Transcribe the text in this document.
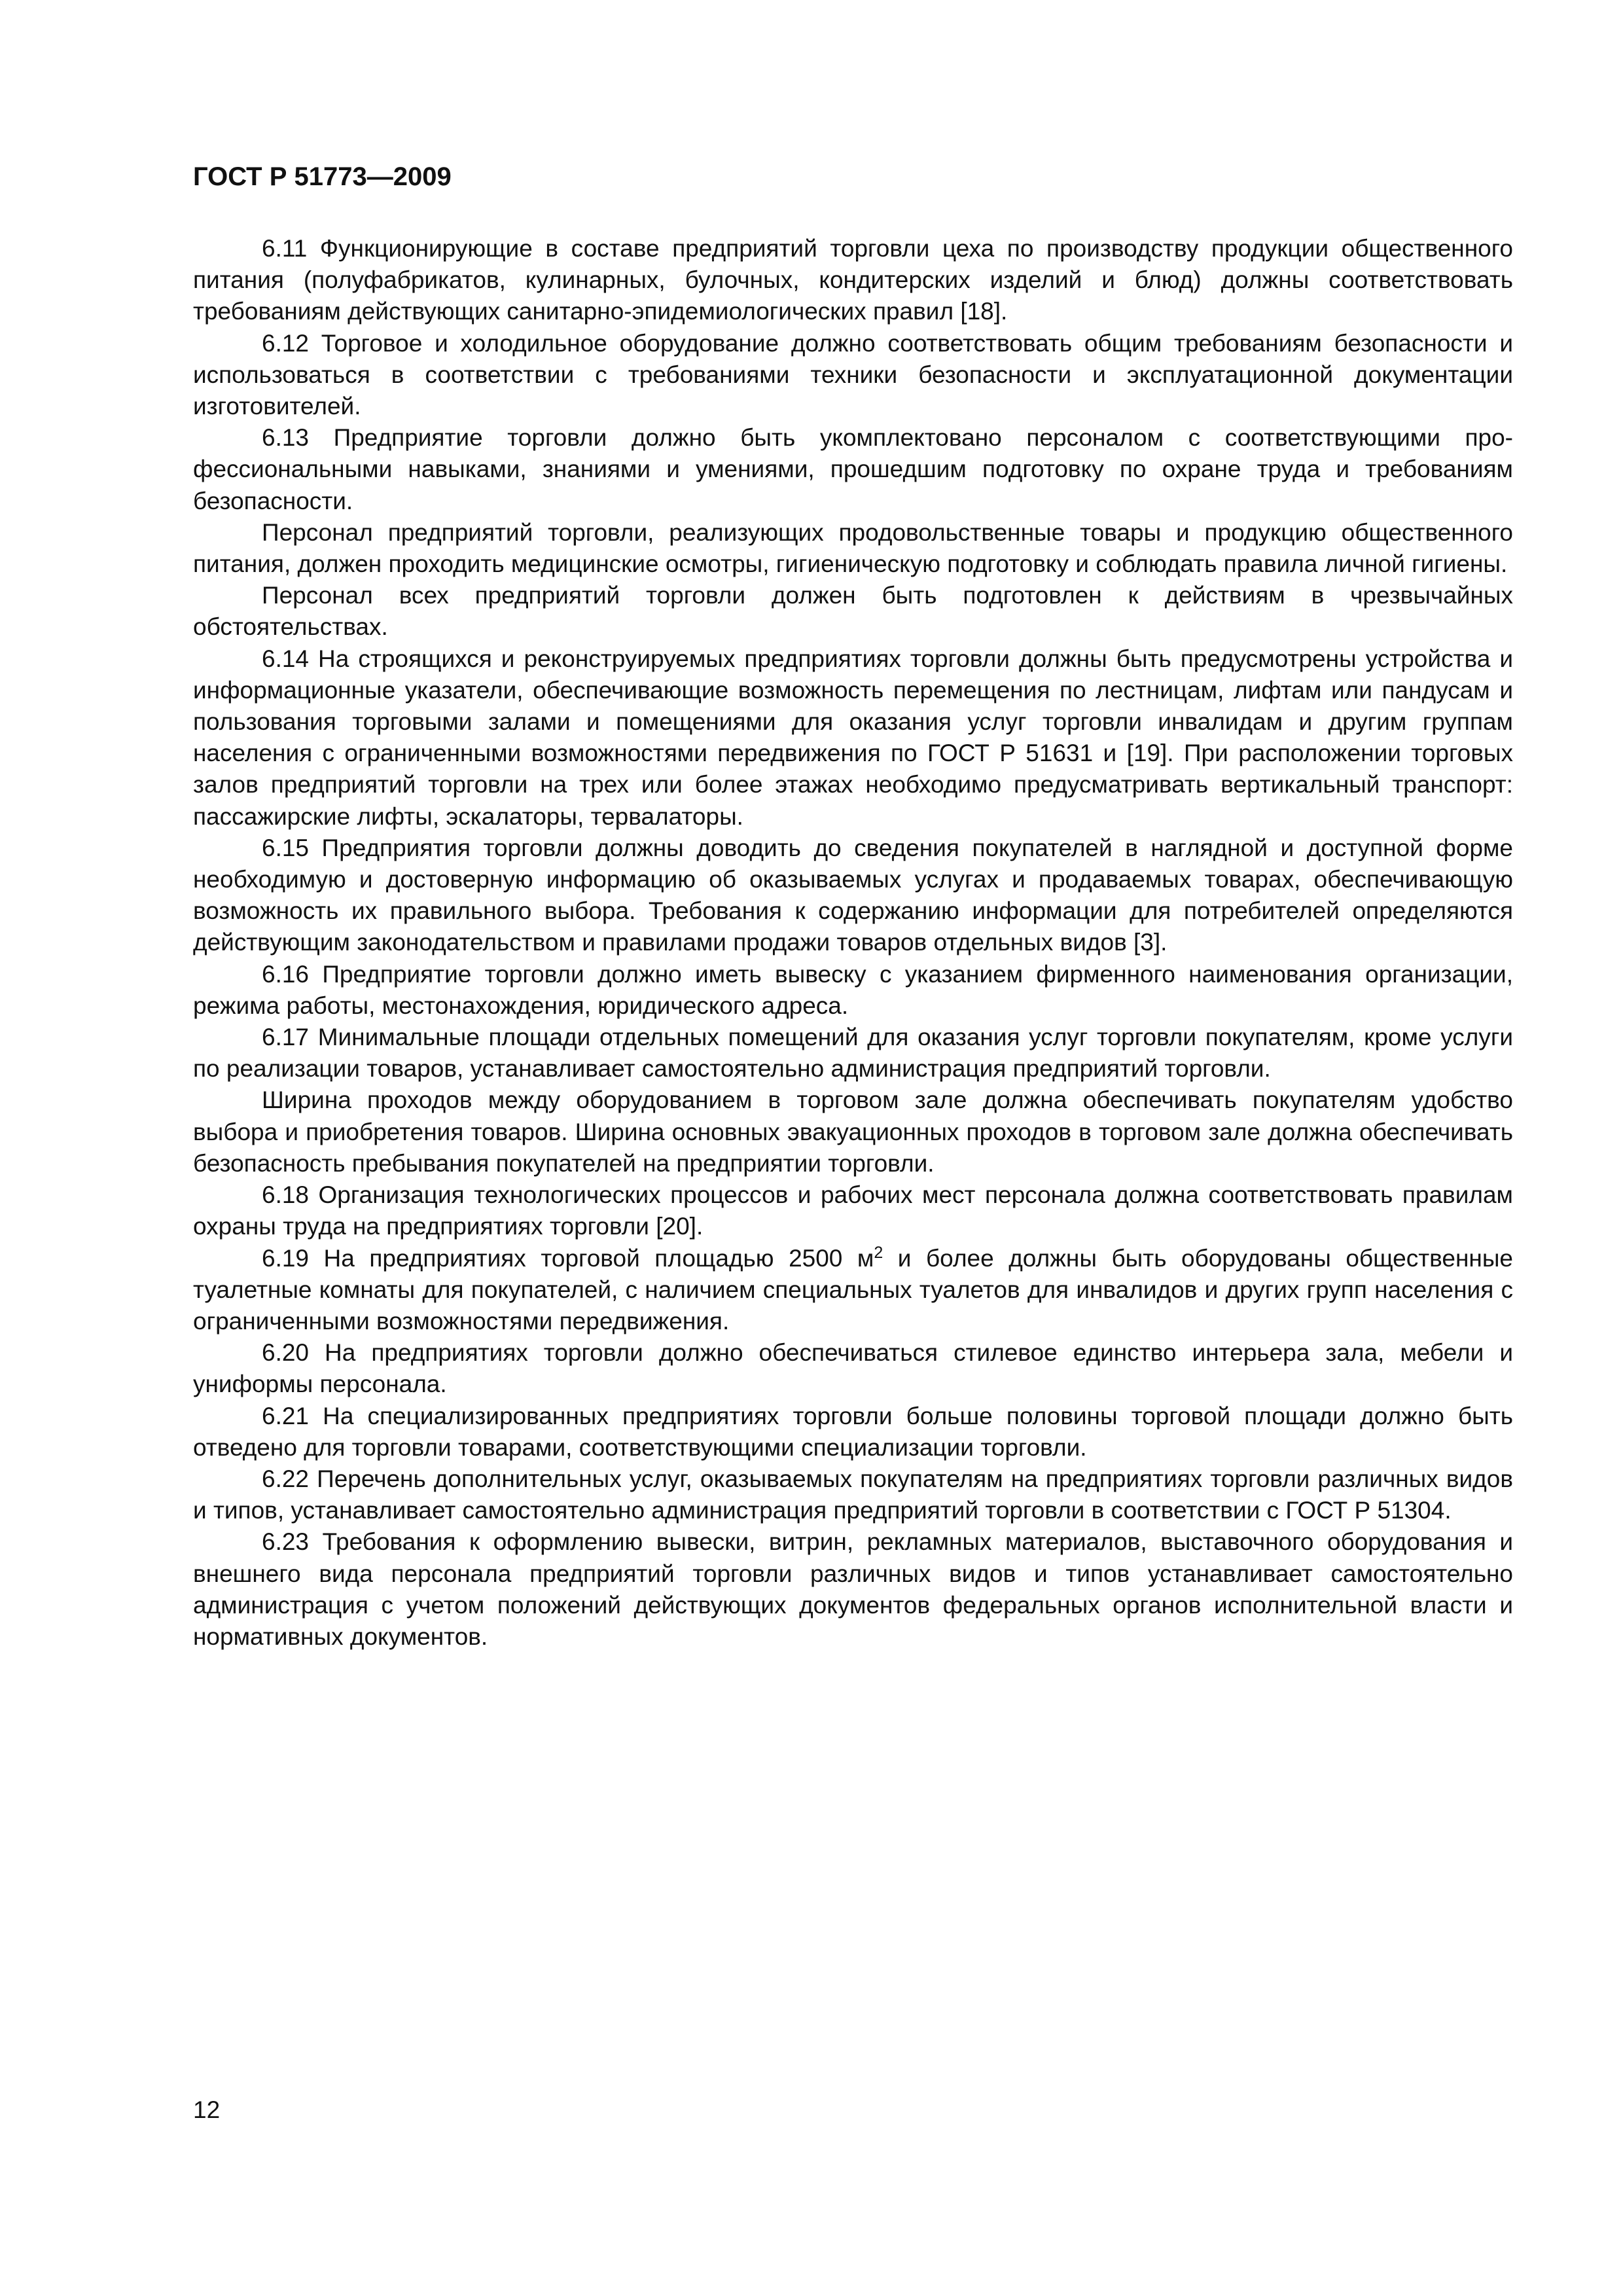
ГОСТ Р 51773—2009

6.11 Функционирующие в составе предприятий торговли цеха по производству продукции общественного питания (полуфабрикатов, кулинарных, булочных, кондитерских изделий и блюд) должны соответствовать требованиям действующих санитарно-эпидемиологических правил [18].

6.12 Торговое и холодильное оборудование должно соответствовать общим требованиям безопасности и использоваться в соответствии с требованиями техники безопасности и эксплуатационной документации изготовителей.

6.13 Предприятие торговли должно быть укомплектовано персоналом с соответствующими профессиональными навыками, знаниями и умениями, прошедшим подготовку по охране труда и требованиям безопасности.

Персонал предприятий торговли, реализующих продовольственные товары и продукцию общественного питания, должен проходить медицинские осмотры, гигиеническую подготовку и соблюдать правила личной гигиены.

Персонал всех предприятий торговли должен быть подготовлен к действиям в чрезвычайных обстоятельствах.

6.14 На строящихся и реконструируемых предприятиях торговли должны быть предусмотрены устройства и информационные указатели, обеспечивающие возможность перемещения по лестницам, лифтам или пандусам и пользования торговыми залами и помещениями для оказания услуг торговли инвалидам и другим группам населения с ограниченными возможностями передвижения по ГОСТ Р 51631 и [19]. При расположении торговых залов предприятий торговли на трех или более этажах необходимо предусматривать вертикальный транспорт: пассажирские лифты, эскалаторы, тервалаторы.

6.15 Предприятия торговли должны доводить до сведения покупателей в наглядной и доступной форме необходимую и достоверную информацию об оказываемых услугах и продаваемых товарах, обеспечивающую возможность их правильного выбора. Требования к содержанию информации для потребителей определяются действующим законодательством и правилами продажи товаров отдельных видов [3].

6.16 Предприятие торговли должно иметь вывеску с указанием фирменного наименования организации, режима работы, местонахождения, юридического адреса.

6.17 Минимальные площади отдельных помещений для оказания услуг торговли покупателям, кроме услуги по реализации товаров, устанавливает самостоятельно администрация предприятий торговли.

Ширина проходов между оборудованием в торговом зале должна обеспечивать покупателям удобство выбора и приобретения товаров. Ширина основных эвакуационных проходов в торговом зале должна обеспечивать безопасность пребывания покупателей на предприятии торговли.

6.18 Организация технологических процессов и рабочих мест персонала должна соответствовать правилам охраны труда на предприятиях торговли [20].

6.19 На предприятиях торговой площадью 2500 $м^2$ и более должны быть оборудованы общественные туалетные комнаты для покупателей, с наличием специальных туалетов для инвалидов и других групп населения с ограниченными возможностями передвижения.

6.20 На предприятиях торговли должно обеспечиваться стилевое единство интерьера зала, мебели и униформы персонала.

6.21 На специализированных предприятиях торговли больше половины торговой площади должно быть отведено для торговли товарами, соответствующими специализации торговли.

6.22 Перечень дополнительных услуг, оказываемых покупателям на предприятиях торговли различных видов и типов, устанавливает самостоятельно администрация предприятий торговли в соответствии с ГОСТ Р 51304.

6.23 Требования к оформлению вывески, витрин, рекламных материалов, выставочного оборудования и внешнего вида персонала предприятий торговли различных видов и типов устанавливает самостоятельно администрация с учетом положений действующих документов федеральных органов исполнительной власти и нормативных документов.

12
